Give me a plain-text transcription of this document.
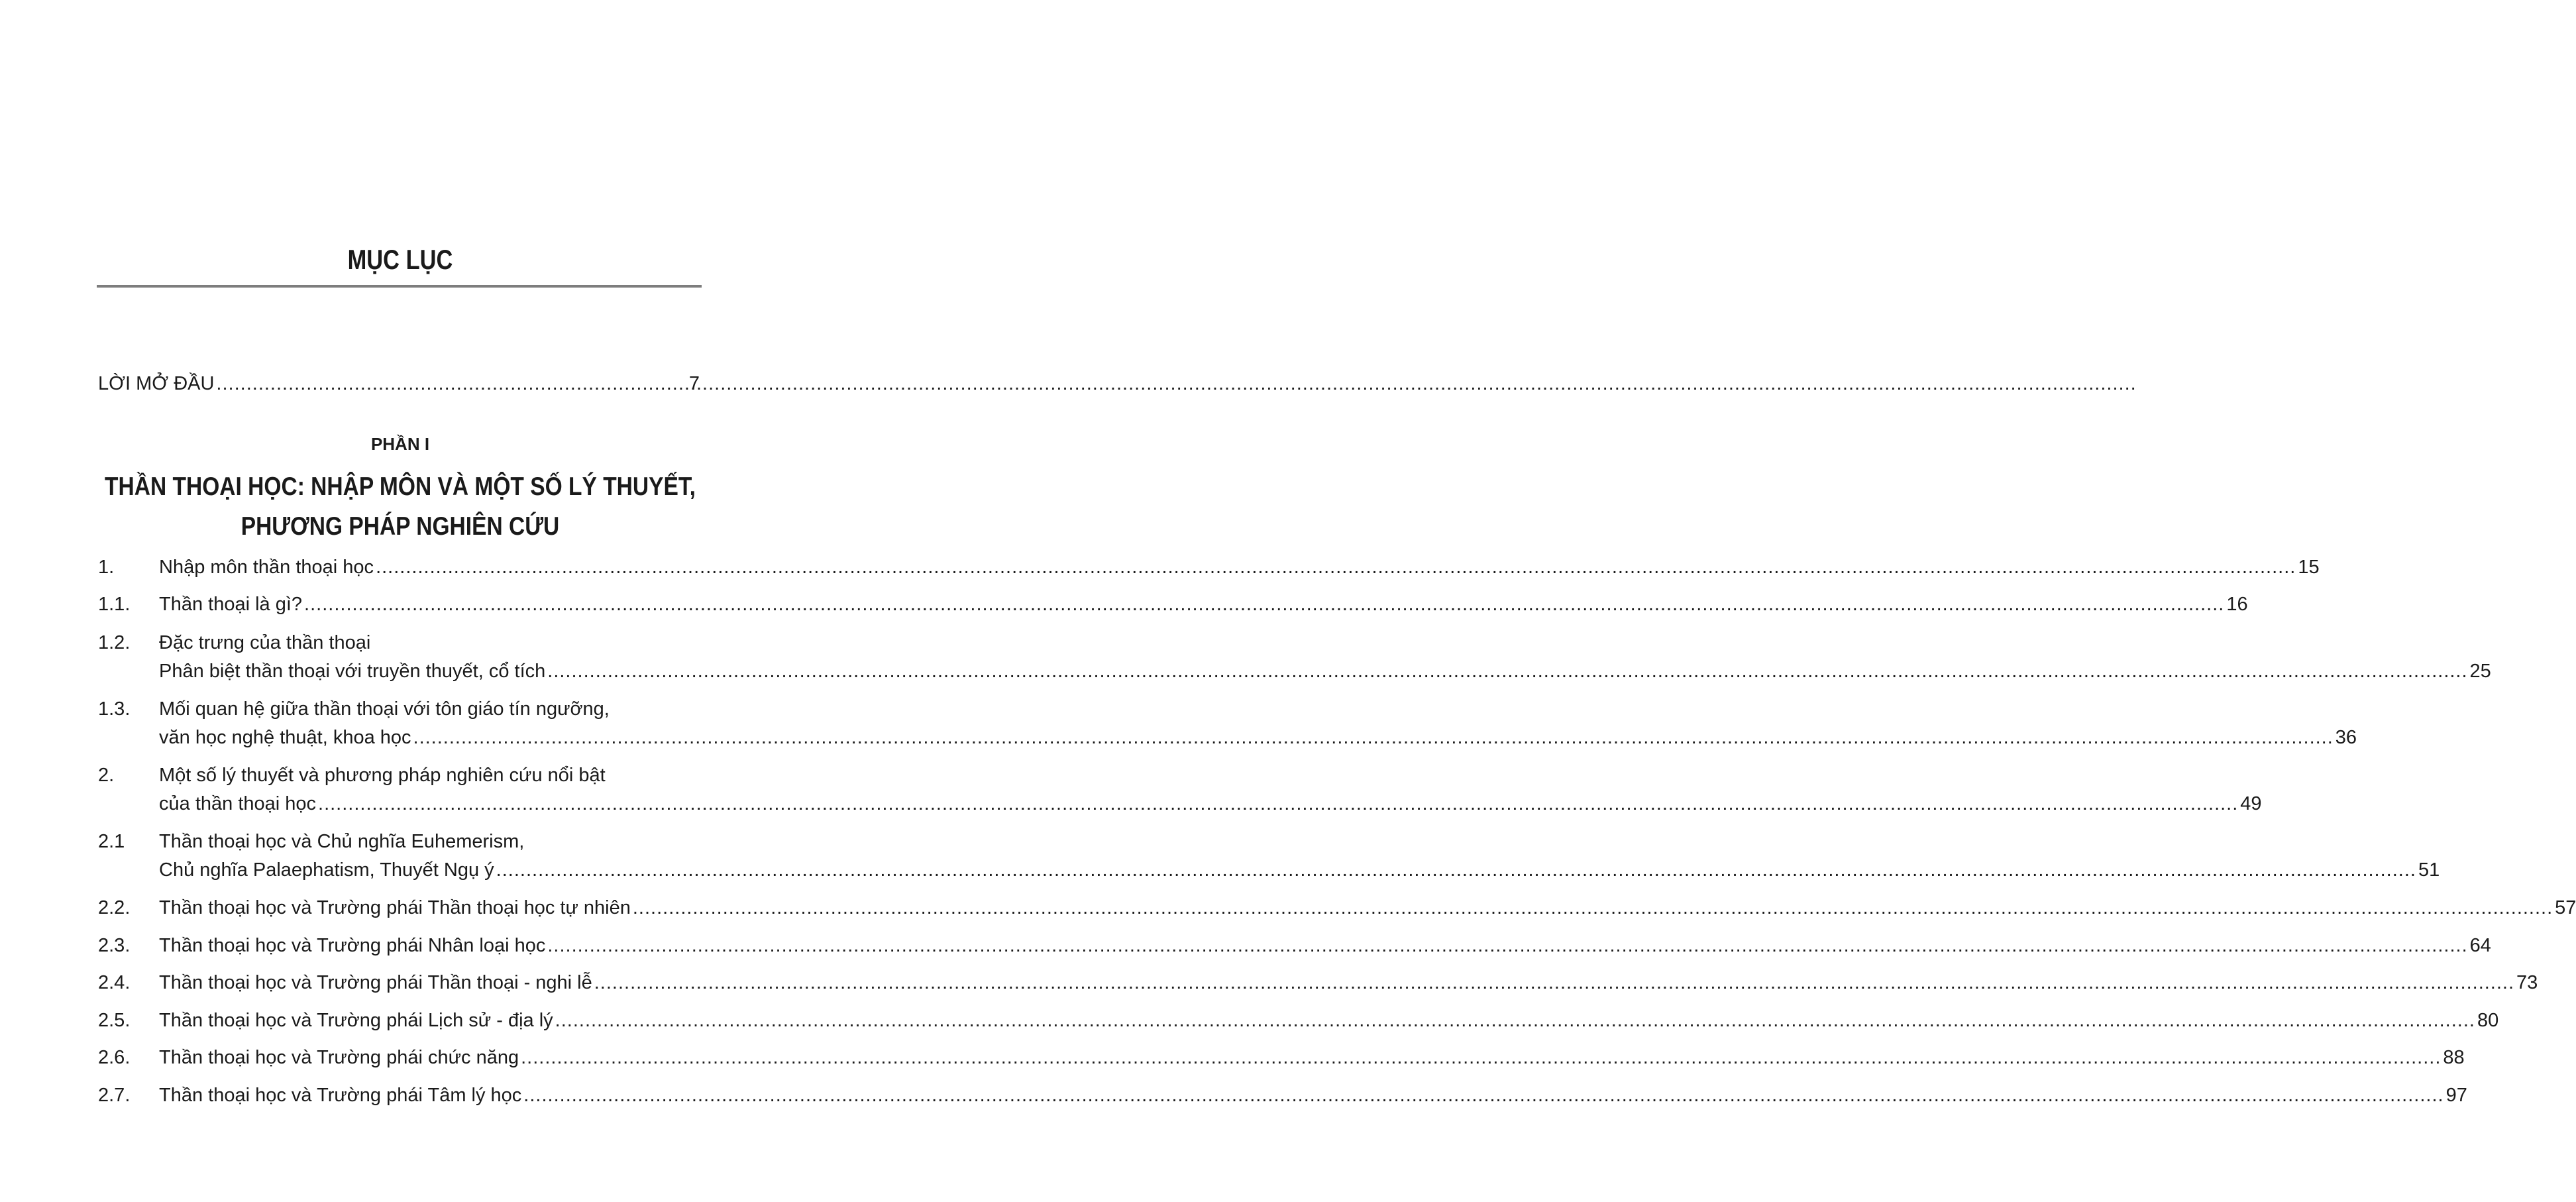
MỤC LỤC
LỜI MỞ ĐẦU .....	7
PHẦN I
THẦN THOẠI HỌC: NHẬP MÔN VÀ MỘT SỐ LÝ THUYẾT,
PHƯƠNG PHÁP NGHIÊN CỨU
1.	Nhập môn thần thoại học .....	15
1.1.	Thần thoại là gì? .....	16
1.2.	Đặc trưng của thần thoại
Phân biệt thần thoại với truyền thuyết, cổ tích .....	25
1.3.	Mối quan hệ giữa thần thoại với tôn giáo tín ngưỡng,
văn học nghệ thuật, khoa học .....	36
2.	Một số lý thuyết và phương pháp nghiên cứu nổi bật
của thần thoại học .....	49
2.1	Thần thoại học và Chủ nghĩa Euhemerism,
Chủ nghĩa Palaephatism, Thuyết Ngụ ý .....	51
2.2.	Thần thoại học và Trường phái Thần thoại học tự nhiên .....	57
2.3.	Thần thoại học và Trường phái Nhân loại học .....	64
2.4.	Thần thoại học và Trường phái Thần thoại - nghi lễ .....	73
2.5.	Thần thoại học và Trường phái Lịch sử - địa lý .....	80
2.6.	Thần thoại học và Trường phái chức năng .....	88
2.7.	Thần thoại học và Trường phái Tâm lý học .....	97
